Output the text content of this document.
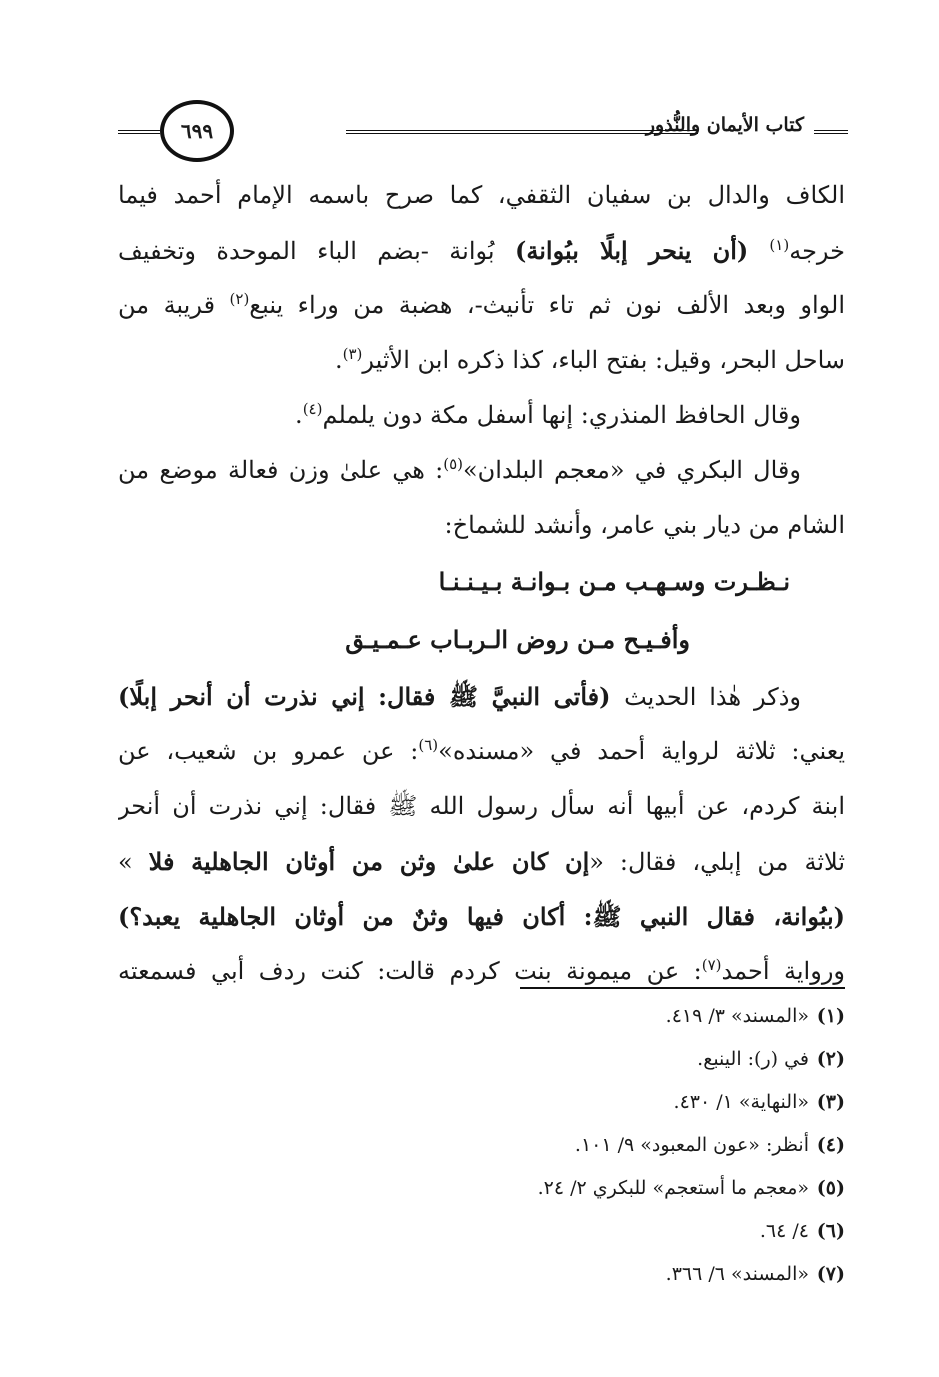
كتاب الأيمان والنُّذور
٦٩٩
الكاف والدال بن سفيان الثقفي، كما صرح باسمه الإمام أحمد فيما
خرجه$^{(١)}$ (أن ينحر إبلًا ببُوانة) بُوانة -بضم الباء الموحدة وتخفيف
الواو وبعد الألف نون ثم تاء تأنيث-، هضبة من وراء ينبع$^{(٢)}$ قريبة من
ساحل البحر، وقيل: بفتح الباء، كذا ذكره ابن الأثير$^{(٣)}$.
وقال الحافظ المنذري: إنها أسفل مكة دون يلملم$^{(٤)}$.
وقال البكري في «معجم البلدان»$^{(٥)}$: هي علىٰ وزن فعالة موضع من
الشام من ديار بني عامر، وأنشد للشماخ:
نـظـرت وسـهـب مـن بـوانـة بـيـنـنـا
وأفـيـح مـن روض الـربـاب عـمـيـق
وذكر هٰذا الحديث (فأتى النبيَّ ﷺ فقال: إني نذرت أن أنحر إبلًا)
يعني: ثلاثة لرواية أحمد في «مسنده»$^{(٦)}$: عن عمرو بن شعيب، عن
ابنة كردم، عن أبيها أنه سأل رسول الله ﷺ فقال: إني نذرت أن أنحر
ثلاثة من إبلي، فقال: «إن كان علىٰ وثن من أوثان الجاهلية فلا »
(ببُوانة، فقال النبي ﷺ: أكان فيها وثنٌ من أوثان الجاهلية يعبد؟)
ورواية أحمد$^{(٧)}$: عن ميمونة بنت كردم قالت: كنت ردف أبي فسمعته
(١)«المسند» ٣/ ٤١٩.
(٢)في (ر): الينبع.
(٣)«النهاية» ١/ ٤٣٠.
(٤)أنظر: «عون المعبود» ٩/ ١٠١.
(٥)«معجم ما أستعجم» للبكري ٢/ ٢٤.
(٦)٤/ ٦٤.
(٧)«المسند» ٦/ ٣٦٦.
